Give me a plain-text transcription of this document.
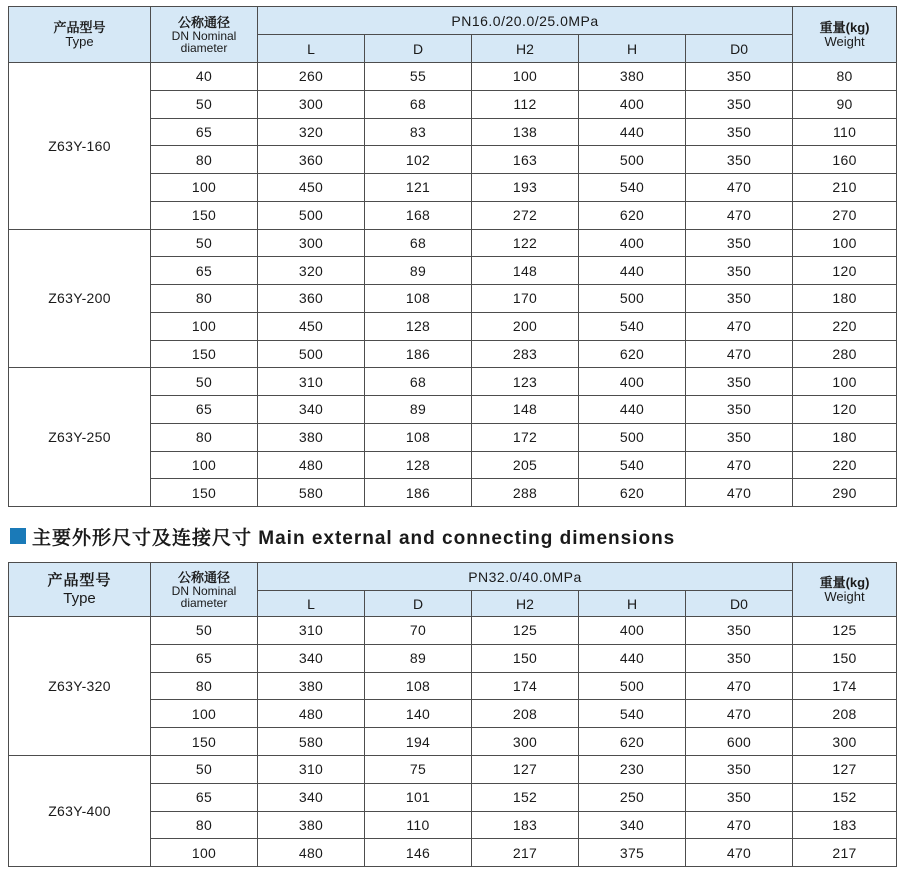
产品型号
Type	公称通径
DN Nominal
diameter	PN16.0/20.0/25.0MPa					重量(kg)
Weight

		L	D	H2	H	D0	
Z63Y-160	40	260	55	100	380	350	80
	50	300	68	112	400	350	90
	65	320	83	138	440	350	110
	80	360	102	163	500	350	160
	100	450	121	193	540	470	210
	150	500	168	272	620	470	270
Z63Y-200	50	300	68	122	400	350	100
	65	320	89	148	440	350	120
	80	360	108	170	500	350	180
	100	450	128	200	540	470	220
	150	500	186	283	620	470	280
Z63Y-250	50	310	68	123	400	350	100
	65	340	89	148	440	350	120
	80	380	108	172	500	350	180
	100	480	128	205	540	470	220
	150	580	186	288	620	470	290
主要外形尺寸及连接尺寸 Main external and connecting dimensions
产品型号
Type	公称通径
DN Nominal
diameter	PN32.0/40.0MPa					重量(kg)
Weight

		L	D	H2	H	D0	
Z63Y-320	50	310	70	125	400	350	125
	65	340	89	150	440	350	150
	80	380	108	174	500	470	174
	100	480	140	208	540	470	208
	150	580	194	300	620	600	300
Z63Y-400	50	310	75	127	230	350	127
	65	340	101	152	250	350	152
	80	380	110	183	340	470	183
	100	480	146	217	375	470	217
